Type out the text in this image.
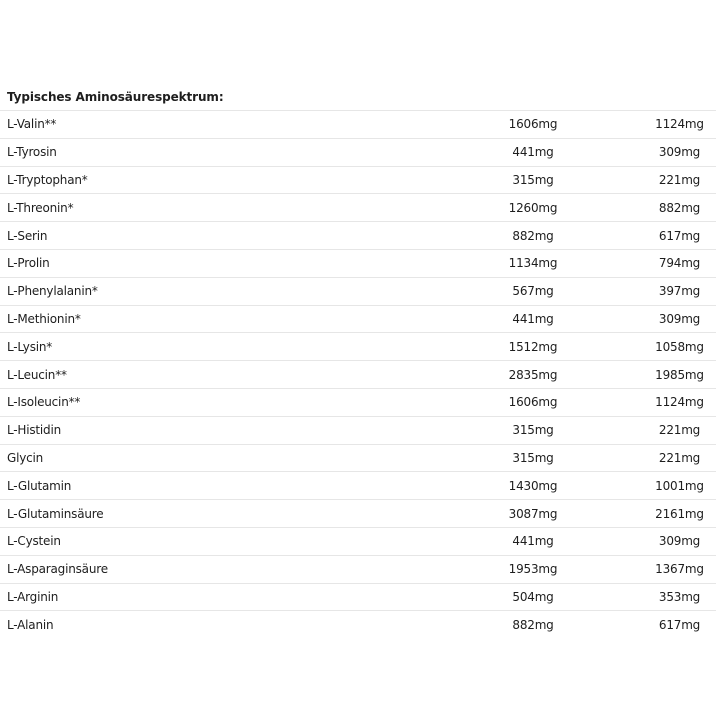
Typisches Aminosäurespektrum:
L-Valin**	1606mg	1124mg
L-Tyrosin	441mg	309mg
L-Tryptophan*	315mg	221mg
L-Threonin*	1260mg	882mg
L-Serin	882mg	617mg
L-Prolin	1134mg	794mg
L-Phenylalanin*	567mg	397mg
L-Methionin*	441mg	309mg
L-Lysin*	1512mg	1058mg
L-Leucin**	2835mg	1985mg
L-Isoleucin**	1606mg	1124mg
L-Histidin	315mg	221mg
Glycin	315mg	221mg
L-Glutamin	1430mg	1001mg
L-Glutaminsäure	3087mg	2161mg
L-Cystein	441mg	309mg
L-Asparaginsäure	1953mg	1367mg
L-Arginin	504mg	353mg
L-Alanin	882mg	617mg
